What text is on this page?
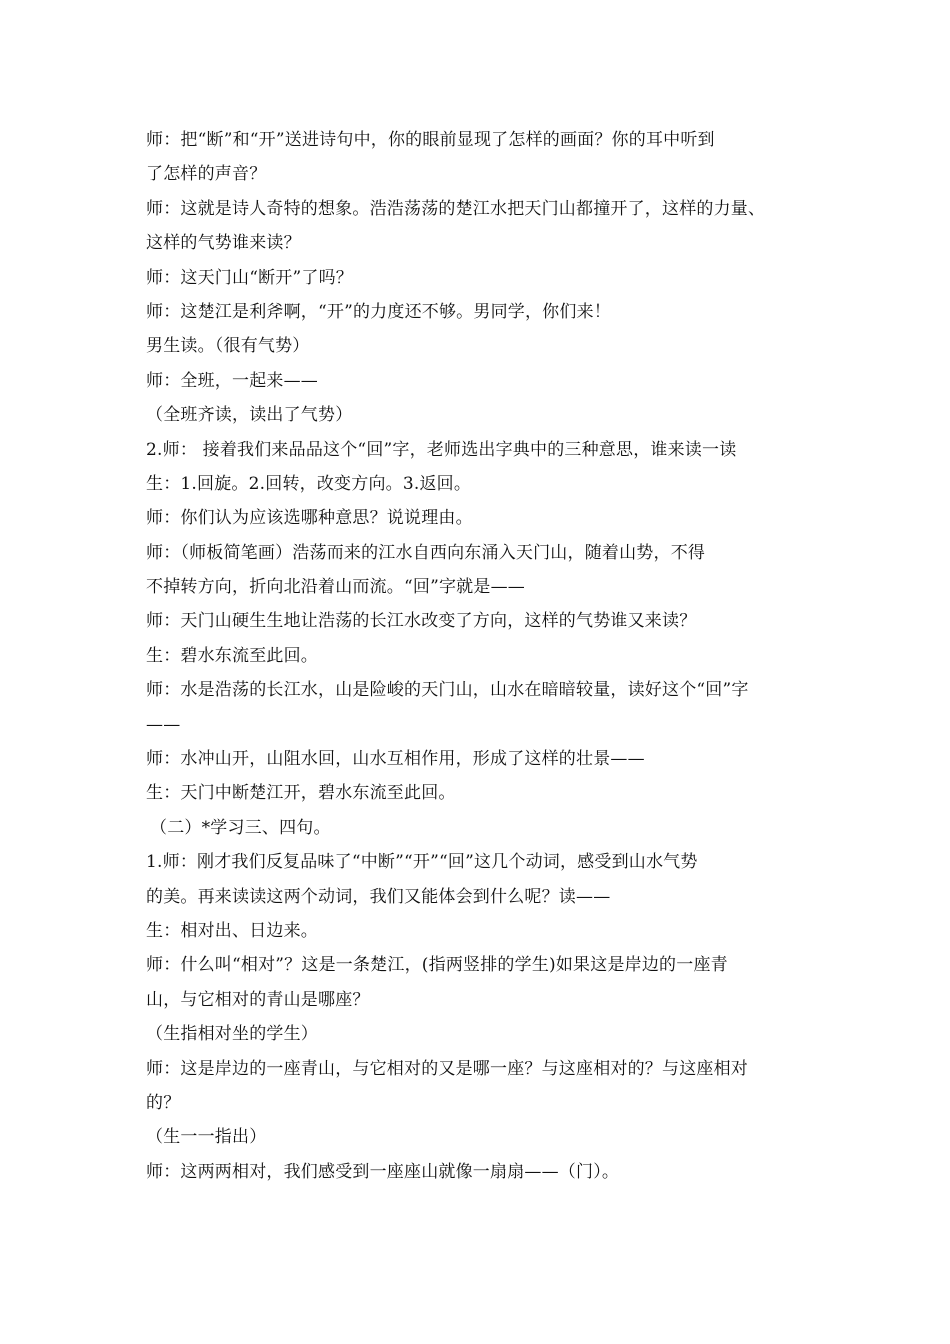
师：把“断”和“开”送进诗句中，你的眼前显现了怎样的画面？你的耳中听到
了怎样的声音？
师：这就是诗人奇特的想象。浩浩荡荡的楚江水把天门山都撞开了，这样的力量、
这样的气势谁来读？
师：这天门山“断开”了吗？
师：这楚江是利斧啊，“开”的力度还不够。男同学，你们来！
男生读。（很有气势）
师：全班，一起来——
（全班齐读，读出了气势）
2.师： 接着我们来品品这个“回”字，老师选出字典中的三种意思，谁来读一读
生：1.回旋。2.回转，改变方向。3.返回。
师：你们认为应该选哪种意思？说说理由。
师：（师板简笔画）浩荡而来的江水自西向东涌入天门山，随着山势，不得
不掉转方向，折向北沿着山而流。“回”字就是——
师：天门山硬生生地让浩荡的长江水改变了方向，这样的气势谁又来读？
生：碧水东流至此回。
师：水是浩荡的长江水，山是险峻的天门山，山水在暗暗较量，读好这个“回”字
——
师：水冲山开，山阻水回，山水互相作用，形成了这样的壮景——
生：天门中断楚江开，碧水东流至此回。
（二）*学习三、四句。
1.师：刚才我们反复品味了“中断”“开”“回”这几个动词，感受到山水气势
的美。再来读读这两个动词，我们又能体会到什么呢？读——
生：相对出、日边来。
师：什么叫“相对”？这是一条楚江，(指两竖排的学生)如果这是岸边的一座青
山，与它相对的青山是哪座？
（生指相对坐的学生）
师：这是岸边的一座青山，与它相对的又是哪一座？与这座相对的？与这座相对
的？
（生一一指出）
师：这两两相对，我们感受到一座座山就像一扇扇——（门）。
